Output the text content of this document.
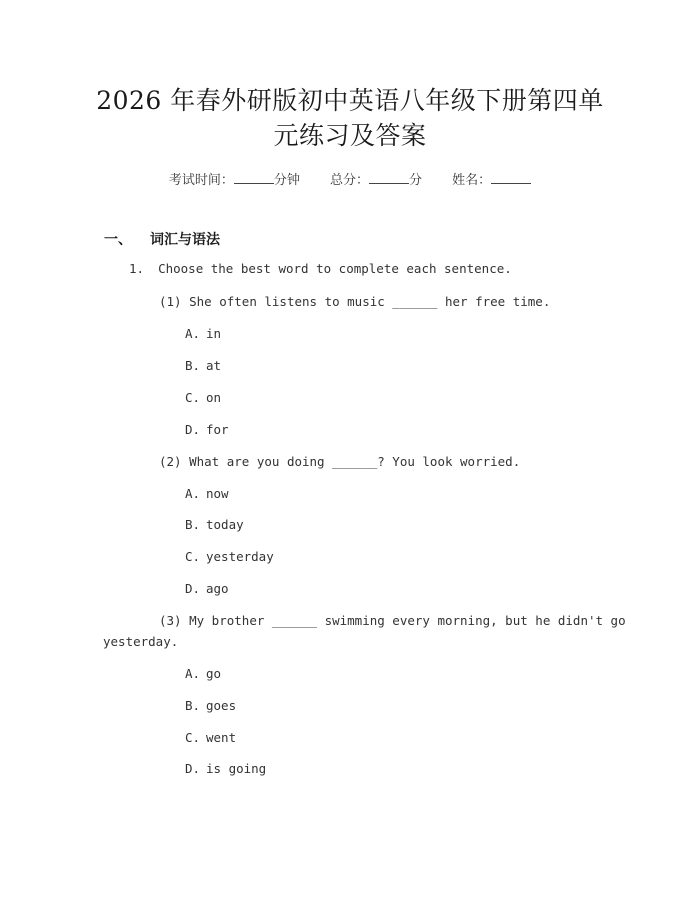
2026 年春外研版初中英语八年级下册第四单
元练习及答案
考试时间：	分钟 总分：	分 姓名：
一、 词汇与语法
1. Choose the best word to complete each sentence.
(1) She often listens to music ______ her free time.
A. in
B. at
C. on
D. for
(2) What are you doing ______? You look worried.
A. now
B. today
C. yesterday
D. ago
(3) My brother ______ swimming every morning, but he didn't go
yesterday.
A. go
B. goes
C. went
D. is going
